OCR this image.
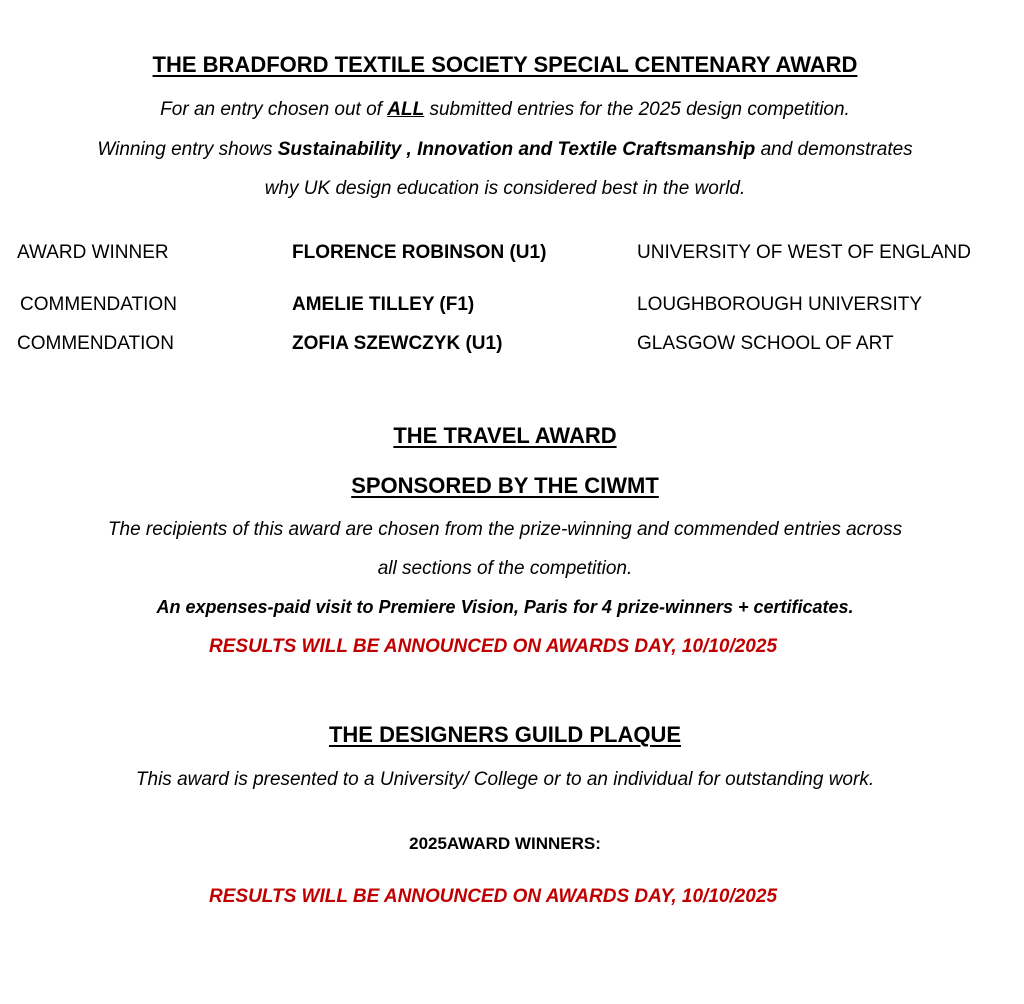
THE BRADFORD TEXTILE SOCIETY SPECIAL CENTENARY AWARD
For an entry chosen out of ALL submitted entries for the 2025 design competition.
Winning entry shows Sustainability , Innovation and Textile Craftsmanship and demonstrates
why UK design education is considered best in the world.
AWARD WINNER	FLORENCE ROBINSON (U1)	UNIVERSITY OF WEST OF ENGLAND
COMMENDATION	AMELIE TILLEY (F1)	LOUGHBOROUGH UNIVERSITY
COMMENDATION	ZOFIA SZEWCZYK (U1)	GLASGOW SCHOOL OF ART
THE TRAVEL AWARD
SPONSORED BY THE CIWMT
The recipients of this award are chosen from the prize-winning and commended entries across
all sections of the competition.
An expenses-paid visit to Premiere Vision, Paris for 4 prize-winners + certificates.
RESULTS WILL BE ANNOUNCED ON AWARDS DAY, 10/10/2025
THE DESIGNERS GUILD PLAQUE
This award is presented to a University/ College or to an individual for outstanding work.
2025AWARD WINNERS:
RESULTS WILL BE ANNOUNCED ON AWARDS DAY, 10/10/2025
